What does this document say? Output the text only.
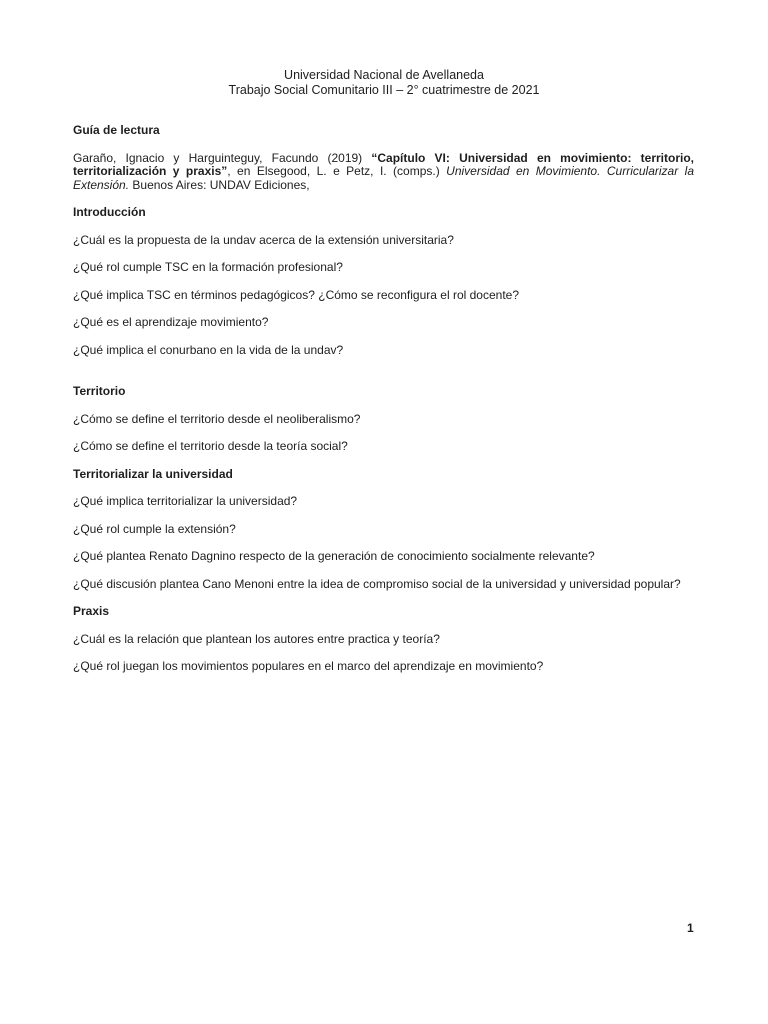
Universidad Nacional de Avellaneda
Trabajo Social Comunitario III – 2° cuatrimestre de 2021

Guía de lectura

Garaño, Ignacio y Harguinteguy, Facundo (2019) “Capítulo VI: Universidad en movimiento: territorio, territorialización y praxis”, en Elsegood, L. e Petz, I. (comps.) Universidad en Movimiento. Curricularizar la Extensión. Buenos Aires: UNDAV Ediciones,

Introducción

¿Cuál es la propuesta de la undav acerca de la extensión universitaria?

¿Qué rol cumple TSC en la formación profesional?

¿Qué implica TSC en términos pedagógicos? ¿Cómo se reconfigura el rol docente?

¿Qué es el aprendizaje movimiento?

¿Qué implica el conurbano en la vida de la undav?

Territorio

¿Cómo se define el territorio desde el neoliberalismo?

¿Cómo se define el territorio desde la teoría social?

Territorializar la universidad

¿Qué implica territorializar la universidad?

¿Qué rol cumple la extensión?

¿Qué plantea Renato Dagnino respecto de la generación de conocimiento socialmente relevante?

¿Qué discusión plantea Cano Menoni entre la idea de compromiso social de la universidad y universidad popular?

Praxis

¿Cuál es la relación que plantean los autores entre practica y teoría?

¿Qué rol juegan los movimientos populares en el marco del aprendizaje en movimiento?

1
